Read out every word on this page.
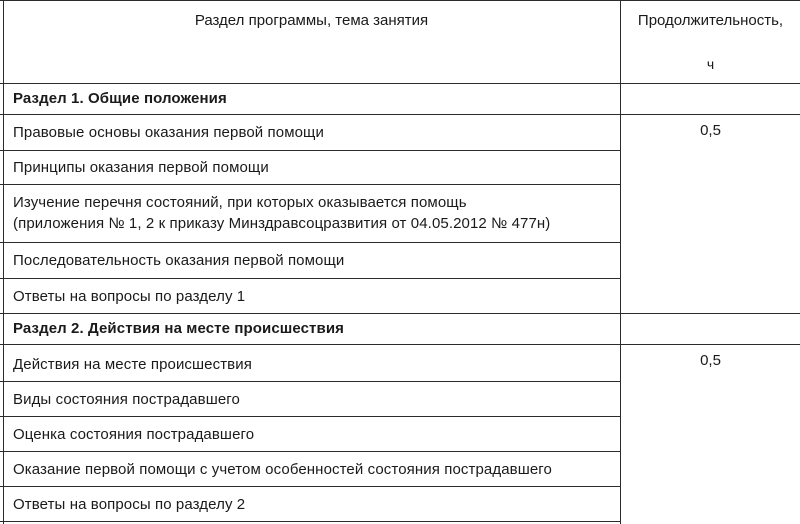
Раздел программы, тема занятия	Продолжительность,
ч
Раздел 1. Общие положения
0,5
Правовые основы оказания первой помощи
Принципы оказания первой помощи
Изучение перечня состояний, при которых оказывается помощь
(приложения № 1, 2 к приказу Минздравсоцразвития от 04.05.2012 № 477н)
Последовательность оказания первой помощи
Ответы на вопросы по разделу 1
Раздел 2. Действия на месте происшествия
0,5
Действия на месте происшествия
Виды состояния пострадавшего
Оценка состояния пострадавшего
Оказание первой помощи с учетом особенностей состояния пострадавшего
Ответы на вопросы по разделу 2
